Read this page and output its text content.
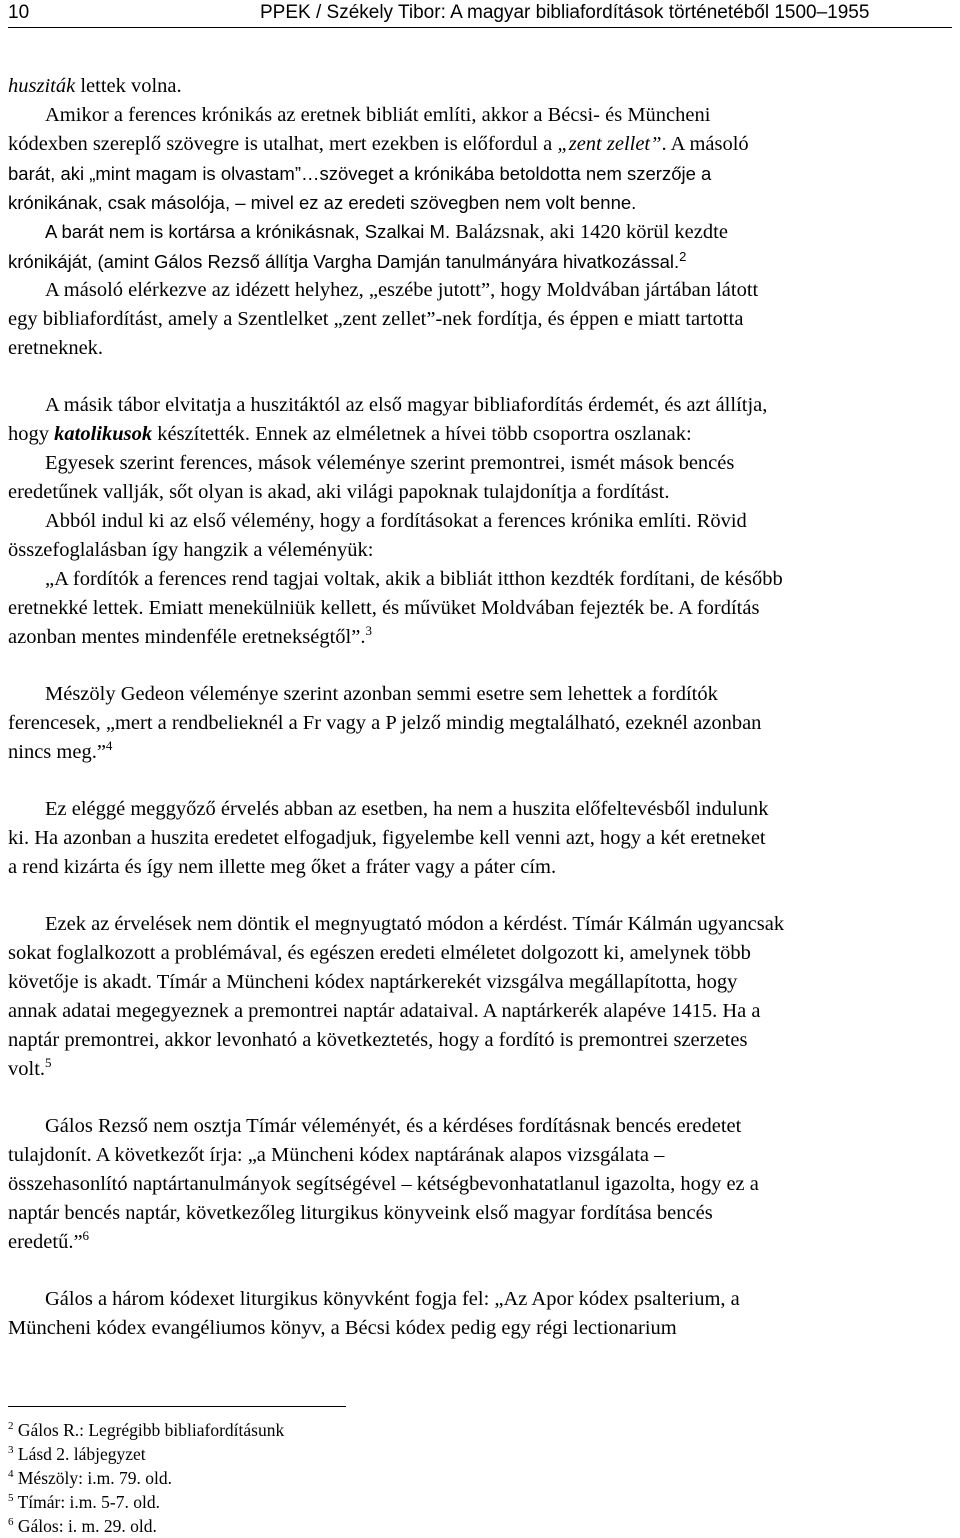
10	PPEK / Székely Tibor: A magyar bibliafordítások történetéből 1500–1955
husziták lettek volna.
Amikor a ferences krónikás az eretnek bibliát említi, akkor a Bécsi- és Müncheni
kódexben szereplő szövegre is utalhat, mert ezekben is előfordul a „zent zellet”. A másoló
barát, aki „mint magam is olvastam”…szöveget a krónikába betoldotta nem szerzője a
krónikának, csak másolója, – mivel ez az eredeti szövegben nem volt benne.
A barát nem is kortársa a krónikásnak, Szalkai M. Balázsnak, aki 1420 körül kezdte
krónikáját, (amint Gálos Rezső állítja Vargha Damján tanulmányára hivatkozással.$^2$
A másoló elérkezve az idézett helyhez, „eszébe jutott”, hogy Moldvában jártában látott
egy bibliafordítást, amely a Szentlelket „zent zellet”-nek fordítja, és éppen e miatt tartotta
eretneknek.
A másik tábor elvitatja a huszitáktól az első magyar bibliafordítás érdemét, és azt állítja,
hogy katolikusok készítették. Ennek az elméletnek a hívei több csoportra oszlanak:
Egyesek szerint ferences, mások véleménye szerint premontrei, ismét mások bencés
eredetűnek vallják, sőt olyan is akad, aki világi papoknak tulajdonítja a fordítást.
Abból indul ki az első vélemény, hogy a fordításokat a ferences krónika említi. Rövid
összefoglalásban így hangzik a véleményük:
„A fordítók a ferences rend tagjai voltak, akik a bibliát itthon kezdték fordítani, de később
eretnekké lettek. Emiatt menekülniük kellett, és művüket Moldvában fejezték be. A fordítás
azonban mentes mindenféle eretnekségtől”.$^3$
Mészöly Gedeon véleménye szerint azonban semmi esetre sem lehettek a fordítók
ferencesek, „mert a rendbelieknél a Fr vagy a P jelző mindig megtalálható, ezeknél azonban
nincs meg.”$^4$
Ez eléggé meggyőző érvelés abban az esetben, ha nem a huszita előfeltevésből indulunk
ki. Ha azonban a huszita eredetet elfogadjuk, figyelembe kell venni azt, hogy a két eretneket
a rend kizárta és így nem illette meg őket a fráter vagy a páter cím.
Ezek az érvelések nem döntik el megnyugtató módon a kérdést. Tímár Kálmán ugyancsak
sokat foglalkozott a problémával, és egészen eredeti elméletet dolgozott ki, amelynek több
követője is akadt. Tímár a Müncheni kódex naptárkerekét vizsgálva megállapította, hogy
annak adatai megegyeznek a premontrei naptár adataival. A naptárkerék alapéve 1415. Ha a
naptár premontrei, akkor levonható a következtetés, hogy a fordító is premontrei szerzetes
volt.$^5$
Gálos Rezső nem osztja Tímár véleményét, és a kérdéses fordításnak bencés eredetet
tulajdonít. A következőt írja: „a Müncheni kódex naptárának alapos vizsgálata –
összehasonlító naptártanulmányok segítségével – kétségbevonhatatlanul igazolta, hogy ez a
naptár bencés naptár, következőleg liturgikus könyveink első magyar fordítása bencés
eredetű.”$^6$
Gálos a három kódexet liturgikus könyvként fogja fel: „Az Apor kódex psalterium, a
Müncheni kódex evangéliumos könyv, a Bécsi kódex pedig egy régi lectionarium
$^2$ Gálos R.: Legrégibb bibliafordításunk
$^3$ Lásd 2. lábjegyzet
$^4$ Mészöly: i.m. 79. old.
$^5$ Tímár: i.m. 5-7. old.
$^6$ Gálos: i. m. 29. old.
